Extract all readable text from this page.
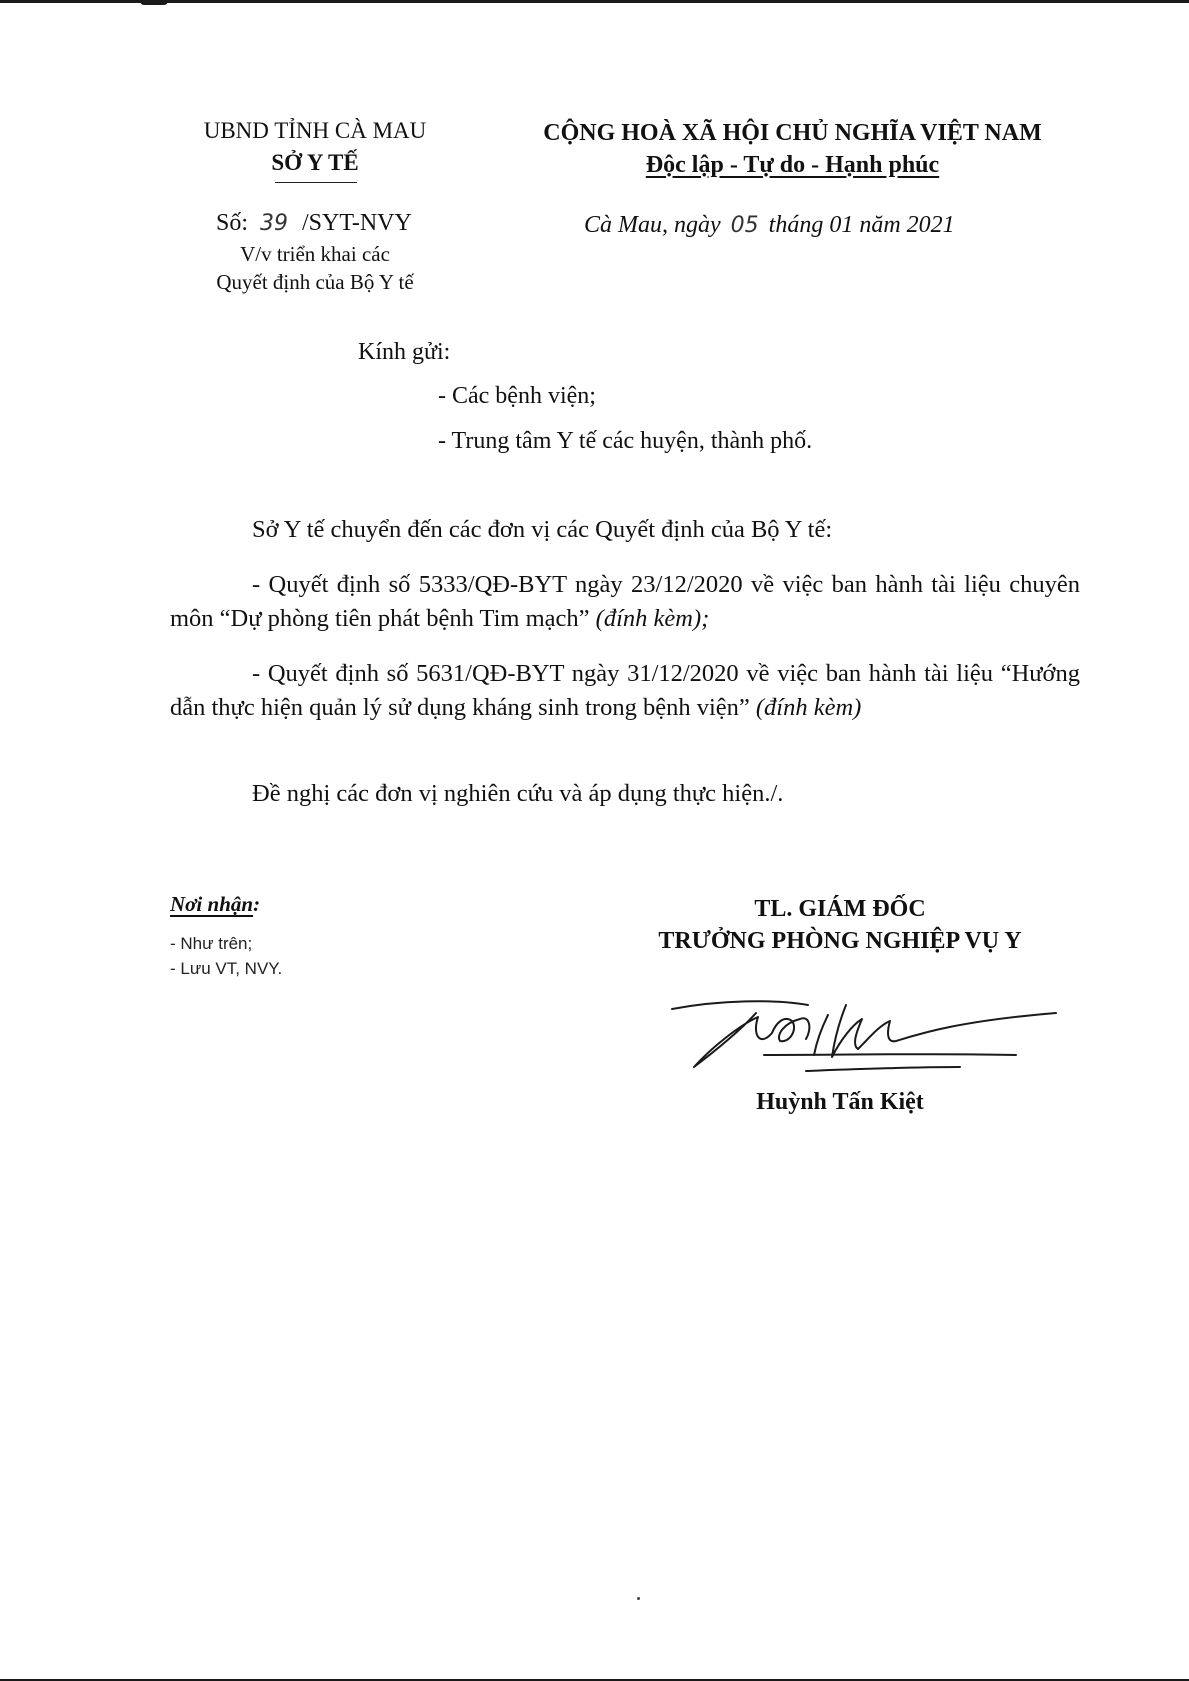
UBND TỈNH CÀ MAU
SỞ Y TẾ
Số: 39 /SYT-NVY
V/v triển khai các
Quyết định của Bộ Y tế
CỘNG HOÀ XÃ HỘI CHỦ NGHĨA VIỆT NAM
Độc lập - Tự do - Hạnh phúc
Cà Mau, ngày 05 tháng 01 năm 2021
Kính gửi:
- Các bệnh viện;
- Trung tâm Y tế các huyện, thành phố.
Sở Y tế chuyển đến các đơn vị các Quyết định của Bộ Y tế:
- Quyết định số 5333/QĐ-BYT ngày 23/12/2020 về việc ban hành tài liệu chuyên môn “Dự phòng tiên phát bệnh Tim mạch” (đính kèm);
- Quyết định số 5631/QĐ-BYT ngày 31/12/2020 về việc ban hành tài liệu “Hướng dẫn thực hiện quản lý sử dụng kháng sinh trong bệnh viện” (đính kèm)
Đề nghị các đơn vị nghiên cứu và áp dụng thực hiện./.
Nơi nhận:
- Như trên;
- Lưu VT, NVY.
TL. GIÁM ĐỐC
TRƯỞNG PHÒNG NGHIỆP VỤ Y
Huỳnh Tấn Kiệt
